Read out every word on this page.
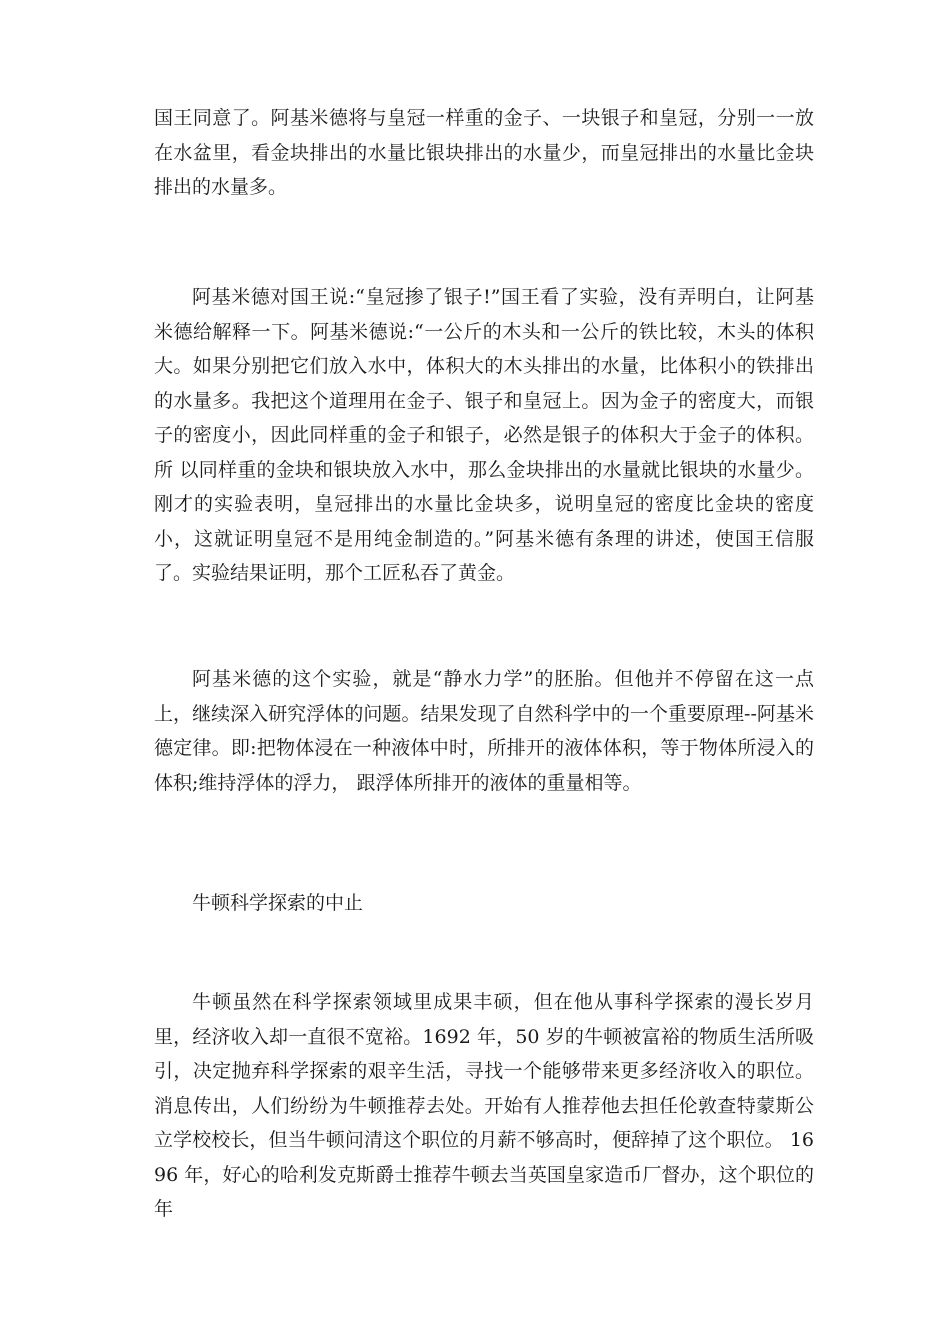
国王同意了。阿基米德将与皇冠一样重的金子、一块银子和皇冠，分别一一放在水盆里，看金块排出的水量比银块排出的水量少，而皇冠排出的水量比金块排出的水量多。

阿基米德对国王说:“皇冠掺了银子!”国王看了实验，没有弄明白，让阿基米德给解释一下。阿基米德说:“一公斤的木头和一公斤的铁比较，木头的体积大。如果分别把它们放入水中，体积大的木头排出的水量，比体积小的铁排出的水量多。我把这个道理用在金子、银子和皇冠上。因为金子的密度大，而银子的密度小，因此同样重的金子和银子，必然是银子的体积大于金子的体积。所 以同样重的金块和银块放入水中，那么金块排出的水量就比银块的水量少。刚才的实验表明，皇冠排出的水量比金块多，说明皇冠的密度比金块的密度小，这就证明皇冠不是用纯金制造的。”阿基米德有条理的讲述，使国王信服了。实验结果证明，那个工匠私吞了黄金。

阿基米德的这个实验，就是“静水力学”的胚胎。但他并不停留在这一点上，继续深入研究浮体的问题。结果发现了自然科学中的一个重要原理--阿基米德定律。即:把物体浸在一种液体中时，所排开的液体体积，等于物体所浸入的体积;维持浮体的浮力， 跟浮体所排开的液体的重量相等。

牛顿科学探索的中止

牛顿虽然在科学探索领域里成果丰硕，但在他从事科学探索的漫长岁月里，经济收入却一直很不宽裕。1692 年，50 岁的牛顿被富裕的物质生活所吸引，决定抛弃科学探索的艰辛生活，寻找一个能够带来更多经济收入的职位。消息传出，人们纷纷为牛顿推荐去处。开始有人推荐他去担任伦敦查特蒙斯公立学校校长，但当牛顿问清这个职位的月薪不够高时，便辞掉了这个职位。 1696 年，好心的哈利发克斯爵士推荐牛顿去当英国皇家造币厂督办，这个职位的年
